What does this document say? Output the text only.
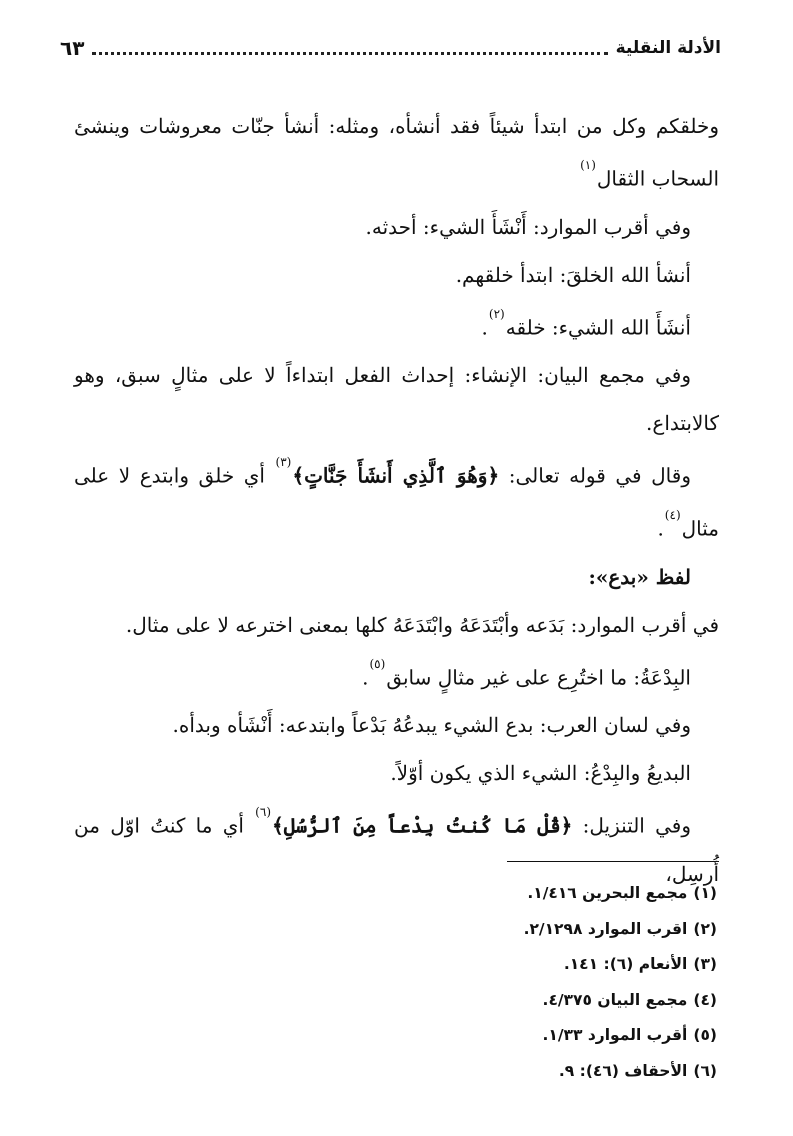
٦٣	الأدلة النقلية

وخلقكم وكل من ابتدأ شيئاً فقد أنشأه، ومثله: أنشأ جنّات معروشات وينشئ السحاب الثقال$^{(١)}$

وفي أقرب الموارد: أَنْشَأَ الشيء: أحدثه.

أنشأ الله الخلقَ: ابتدأ خلقهم.

أنشَأَ الله الشيء: خلقه$^{(٢)}$.

وفي مجمع البيان: الإنشاء: إحداث الفعل ابتداءاً لا على مثالٍ سبق، وهو كالابتداع.

وقال في قوله تعالى: ﴿وَهُوَ ٱلَّذِي أَنشَأَ جَنَّاتٍ﴾$^{(٣)}$ أي خلق وابتدع لا على مثال$^{(٤)}$.

لفظ «بدع»:

في أقرب الموارد: بَدَعه وأبْتَدَعَهُ وابْتَدَعَهُ كلها بمعنى اخترعه لا على مثال.

البِدْعَةُ: ما اختُرِع على غير مثالٍ سابق$^{(٥)}$.

وفي لسان العرب: بدع الشيء يبدعُهُ بَدْعاً وابتدعه: أَنْشَأه وبدأه.

البديعُ والبِدْعُ: الشيء الذي يكون أوّلاً.

وفي التنزيل: ﴿قُلْ مَا كُنتُ بِدْعاً مِنَ ٱلرُّسُلِ﴾$^{(٦)}$ أي ما كنتُ اوّل من أُرسِل،

(١)مجمع البحرين ١/٤١٦.

(٢)اقرب الموارد ٢/١٢٩٨.

(٣)الأنعام (٦): ١٤١.

(٤)مجمع البيان ٤/٣٧٥.

(٥)أقرب الموارد ١/٣٣.

(٦)الأحقاف (٤٦): ٩.
